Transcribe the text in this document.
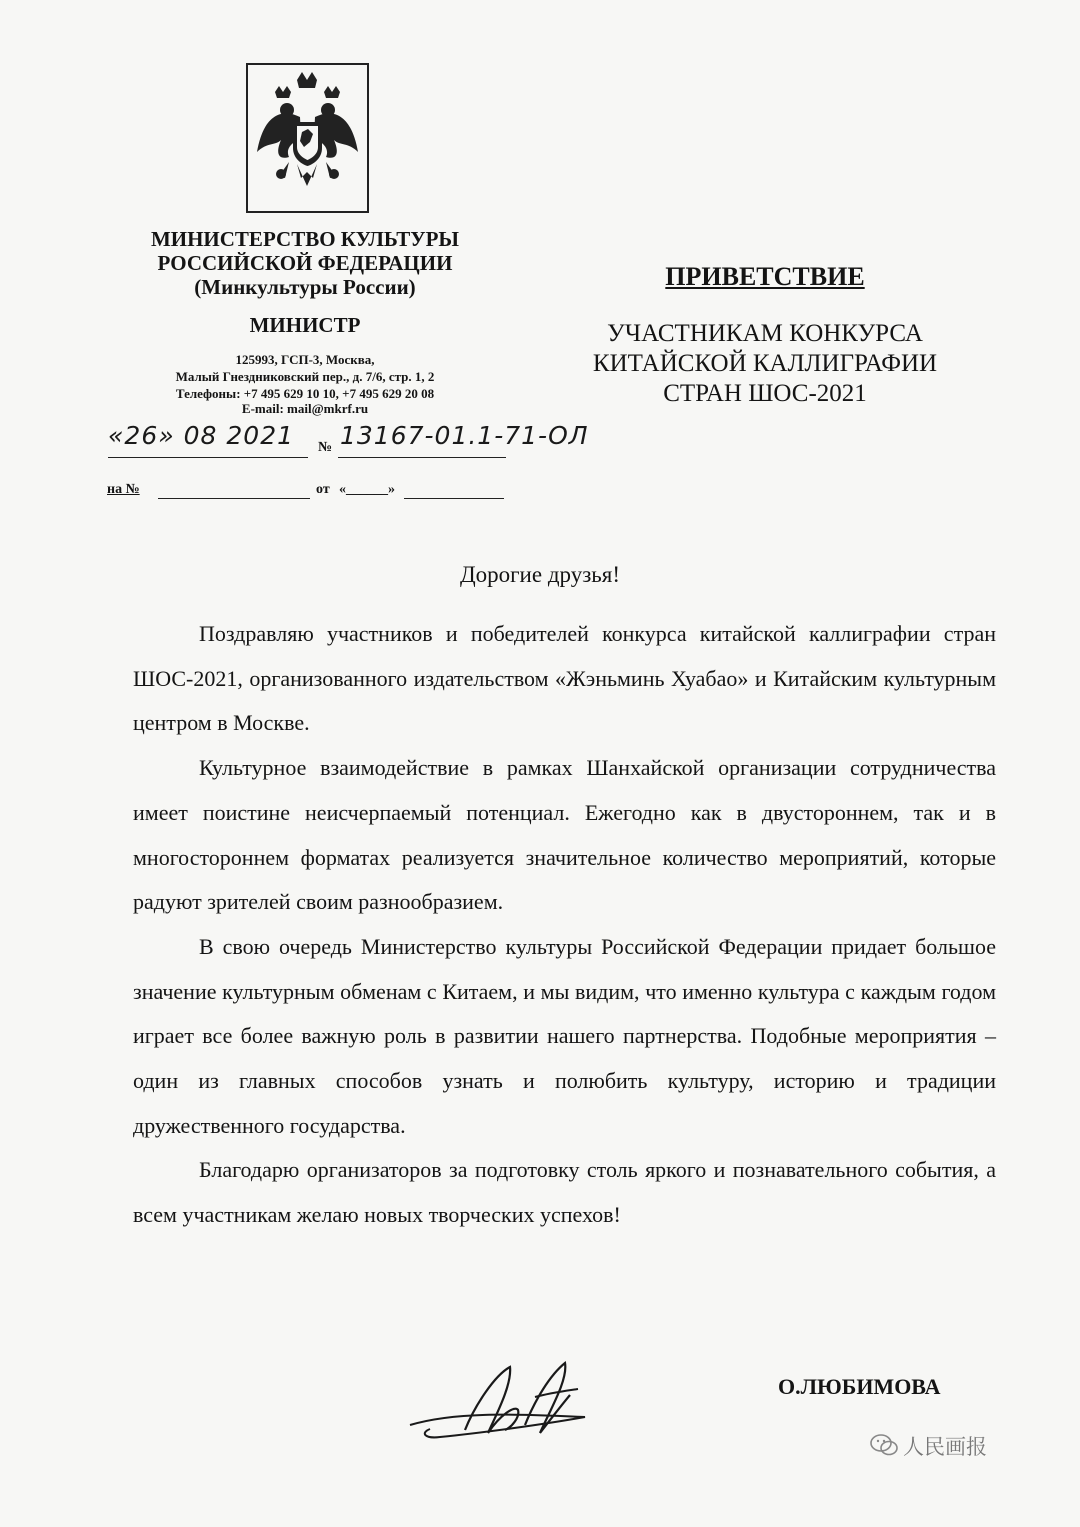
МИНИСТЕРСТВО КУЛЬТУРЫ
РОССИЙСКОЙ ФЕДЕРАЦИИ
(Минкультуры России)
МИНИСТР
125993, ГСП-3, Москва,
Малый Гнездниковский пер., д. 7/6, стр. 1, 2
Телефоны: +7 495 629 10 10, +7 495 629 20 08
E-mail: mail@mkrf.ru
«26» 08 2021 № 13167-01.1-71-ОЛ
на №	от «______»
ПРИВЕТСТВИЕ
УЧАСТНИКАМ КОНКУРСА
КИТАЙСКОЙ КАЛЛИГРАФИИ
СТРАН ШОС-2021
Дорогие друзья!

Поздравляю участников и победителей конкурса китайской каллиграфии стран ШОС-2021, организованного издательством «Жэньминь Хуабао» и Китайским культурным центром в Москве.

Культурное взаимодействие в рамках Шанхайской организации сотрудничества имеет поистине неисчерпаемый потенциал. Ежегодно как в двустороннем, так и в многостороннем форматах реализуется значительное количество мероприятий, которые радуют зрителей своим разнообразием.

В свою очередь Министерство культуры Российской Федерации придает большое значение культурным обменам с Китаем, и мы видим, что именно культура с каждым годом играет все более важную роль в развитии нашего партнерства. Подобные мероприятия – один из главных способов узнать и полюбить культуру, историю и традиции дружественного государства.

Благодарю организаторов за подготовку столь яркого и познавательного события, а всем участникам желаю новых творческих успехов!

О.ЛЮБИМОВА
人民画报
